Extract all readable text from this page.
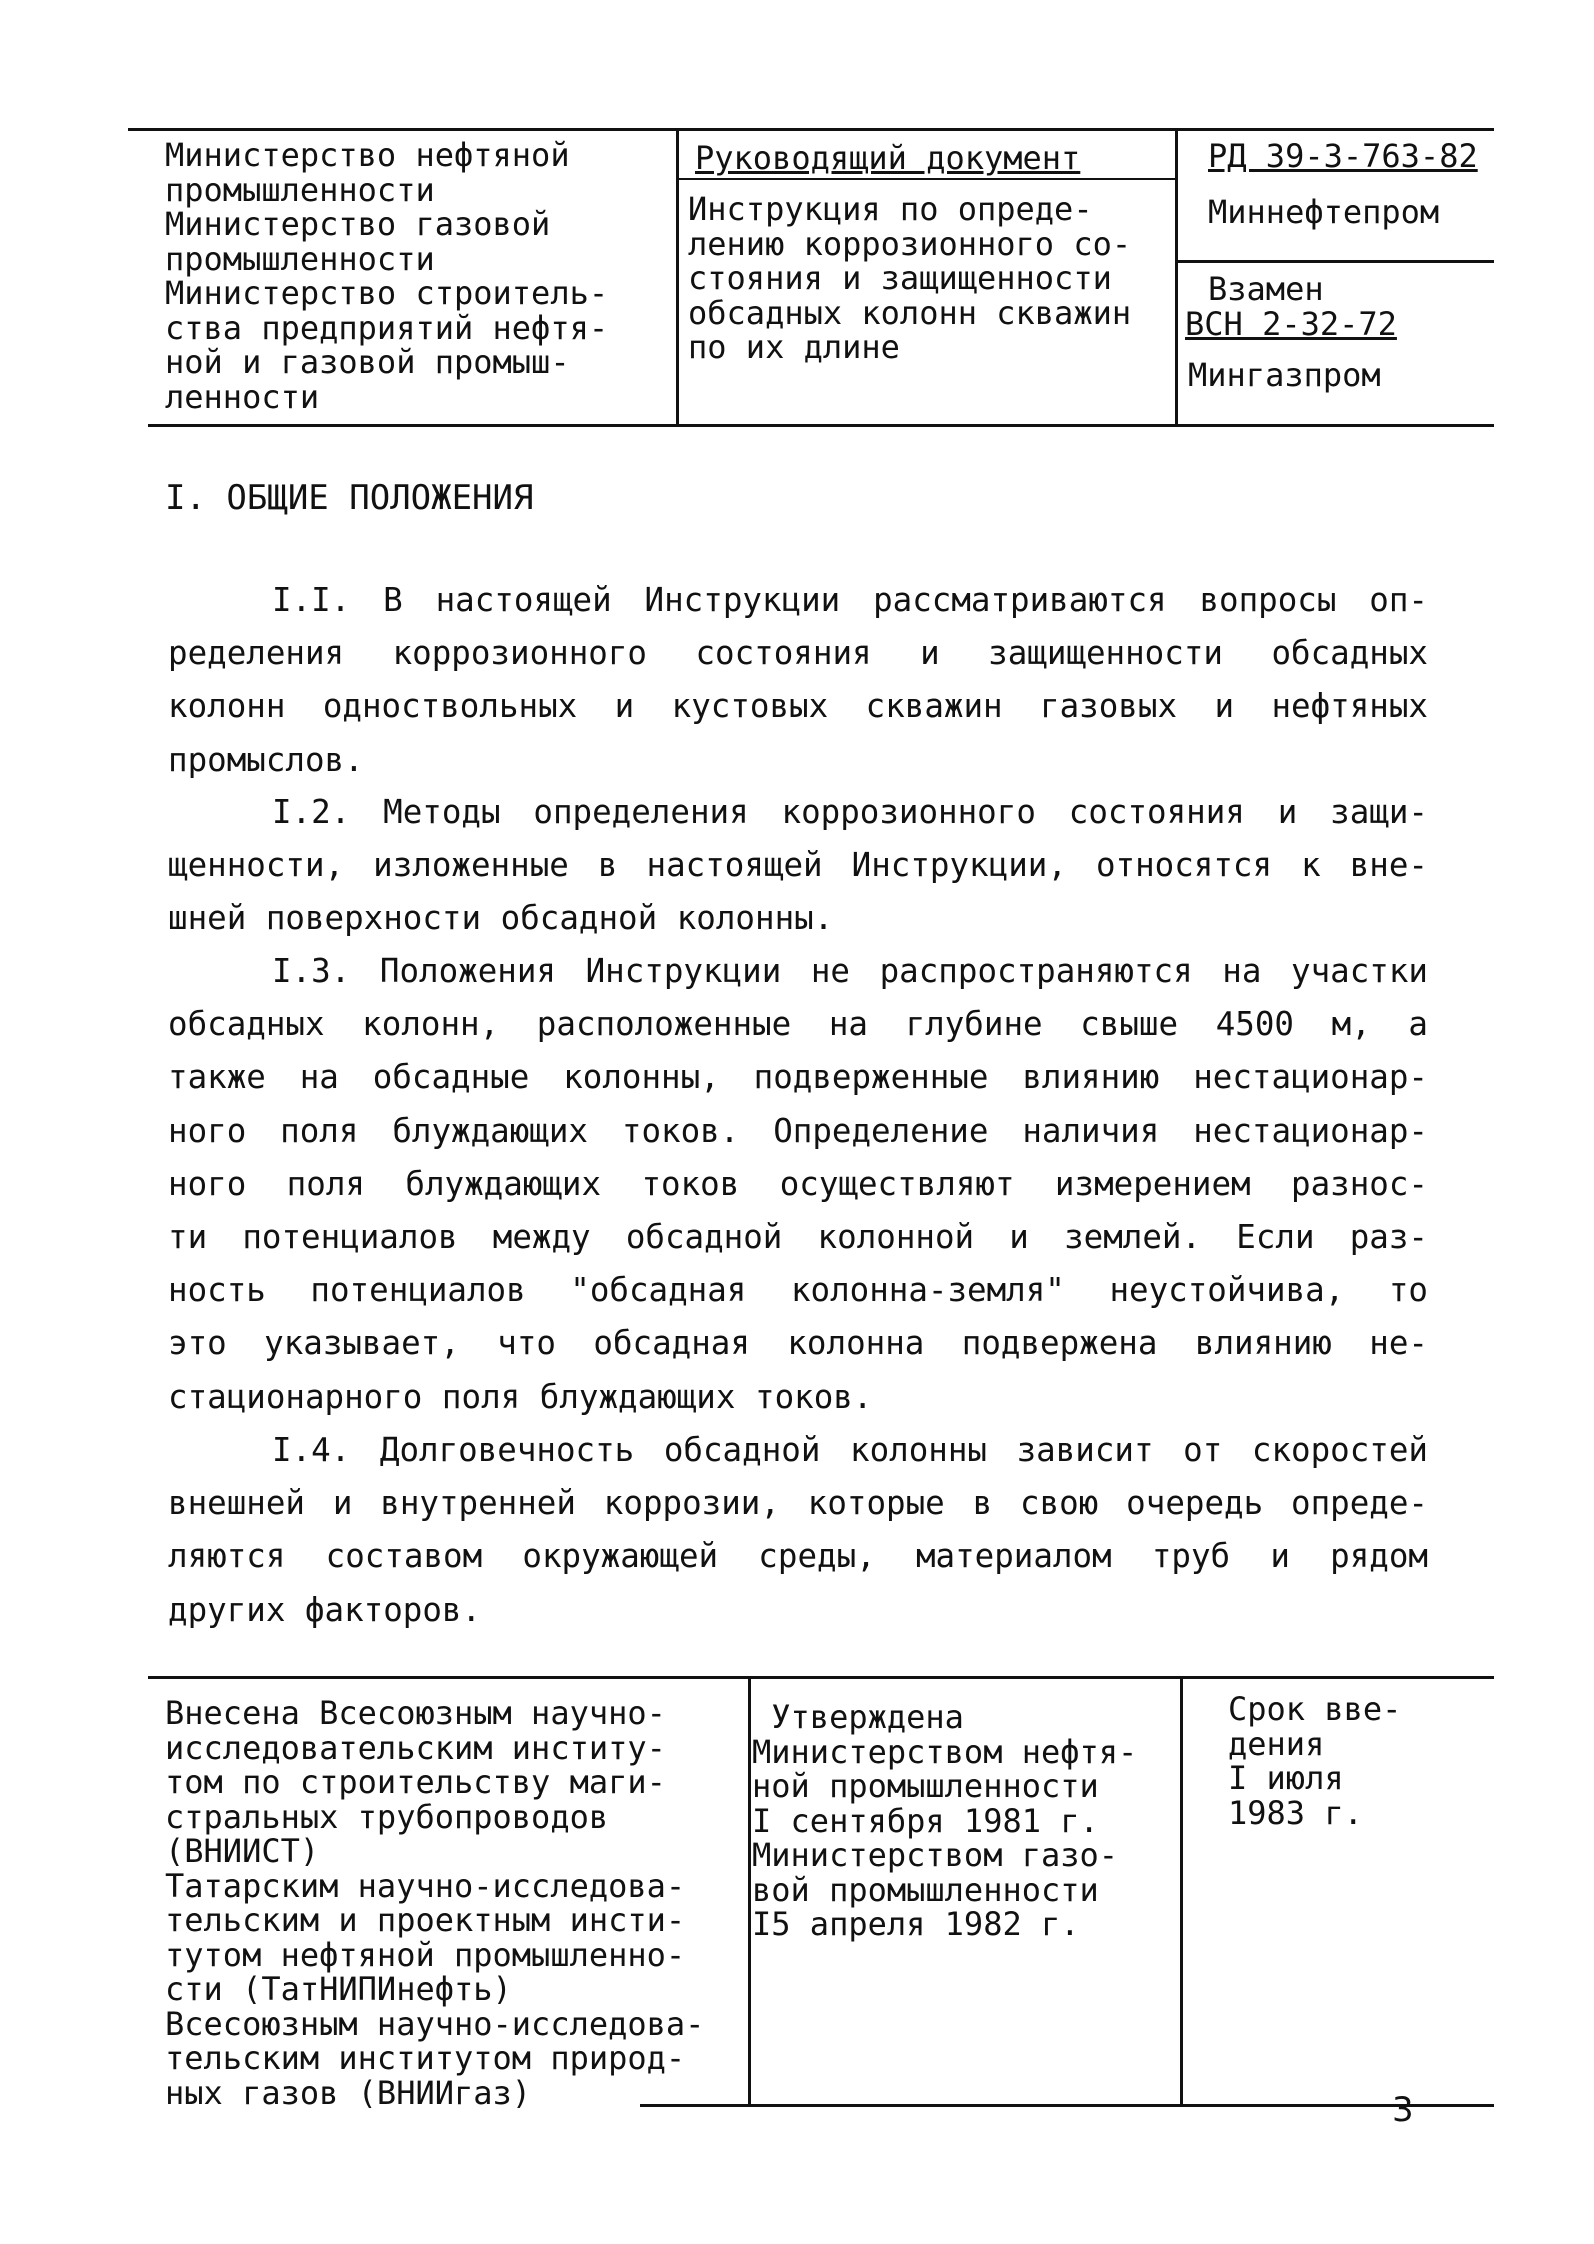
Министерство нефтяной
промышленности
Министерство газовой
промышленности
Министерство строитель-
ства предприятий нефтя-
ной и газовой промыш-
ленности
Руководящий документ
Инструкция по опреде-
лению коррозионного со-
стояния и защищенности
обсадных колонн скважин
по их длине
РД 39-3-763-82
Миннефтепром
Взамен
ВСН 2-32-72
Мингазпром
I. ОБЩИЕ ПОЛОЖЕНИЯ
I.I. В настоящей Инструкции рассматриваются вопросы оп-
ределения коррозионного состояния и защищенности обсадных
колонн одноствольных и кустовых скважин газовых и нефтяных
промыслов.
I.2. Методы определения коррозионного состояния и защи-
щенности, изложенные в настоящей Инструкции, относятся к вне-
шней поверхности обсадной колонны.
I.3. Положения Инструкции не распространяются на участки
обсадных колонн, расположенные на глубине свыше 4500 м, а
также на обсадные колонны, подверженные влиянию нестационар-
ного поля блуждающих токов. Определение наличия нестационар-
ного поля блуждающих токов осуществляют измерением разнос-
ти потенциалов между обсадной колонной и землей. Если раз-
ность потенциалов "обсадная колонна-земля" неустойчива, то
это указывает, что обсадная колонна подвержена влиянию не-
стационарного поля блуждающих токов.
I.4. Долговечность обсадной колонны зависит от скоростей
внешней и внутренней коррозии, которые в свою очередь опреде-
ляются составом окружающей среды, материалом труб и рядом
других факторов.
Внесена Всесоюзным научно-
исследовательским институ-
том по строительству маги-
стральных трубопроводов
(ВНИИСТ)
Татарским научно-исследова-
тельским и проектным инсти-
тутом нефтяной промышленно-
сти (ТатНИПИнефть)
Всесоюзным научно-исследова-
тельским институтом природ-
ных газов (ВНИИгаз)
Утверждена
Министерством нефтя-
ной промышленности
I сентября 1981 г.
Министерством газо-
вой промышленности
I5 апреля 1982 г.
Срок вве-
дения
I июля
1983 г.
3
